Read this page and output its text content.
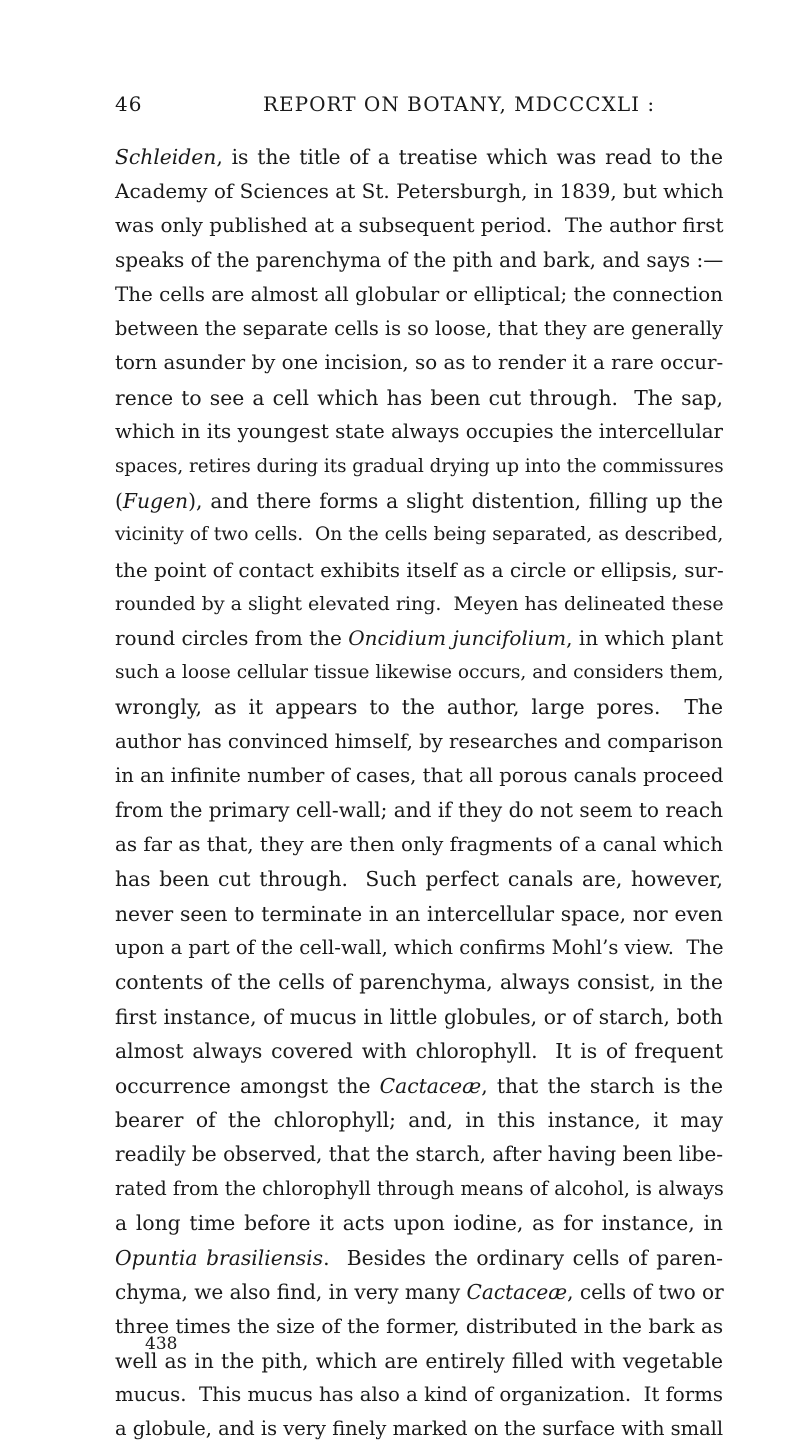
46	REPORT ON BOTANY, MDCCCXLI :
Schleiden, is the title of a treatise which was read to the
Academy of Sciences at St. Petersburgh, in 1839, but which
was only published at a subsequent period.  The author first
speaks of the parenchyma of the pith and bark, and says :—
The cells are almost all globular or elliptical; the connection
between the separate cells is so loose, that they are generally
torn asunder by one incision, so as to render it a rare occur-
rence to see a cell which has been cut through.  The sap,
which in its youngest state always occupies the intercellular
spaces, retires during its gradual drying up into the commissures
(Fugen), and there forms a slight distention, filling up the
vicinity of two cells.  On the cells being separated, as described,
the point of contact exhibits itself as a circle or ellipsis, sur-
rounded by a slight elevated ring.  Meyen has delineated these
round circles from the Oncidium juncifolium, in which plant
such a loose cellular tissue likewise occurs, and considers them,
wrongly, as it appears to the author, large pores.  The
author has convinced himself, by researches and comparison
in an infinite number of cases, that all porous canals proceed
from the primary cell-wall; and if they do not seem to reach
as far as that, they are then only fragments of a canal which
has been cut through.  Such perfect canals are, however,
never seen to terminate in an intercellular space, nor even
upon a part of the cell-wall, which confirms Mohl’s view.  The
contents of the cells of parenchyma, always consist, in the
first instance, of mucus in little globules, or of starch, both
almost always covered with chlorophyll.  It is of frequent
occurrence amongst the Cactaceæ, that the starch is the
bearer of the chlorophyll; and, in this instance, it may
readily be observed, that the starch, after having been libe-
rated from the chlorophyll through means of alcohol, is always
a long time before it acts upon iodine, as for instance, in
Opuntia brasiliensis.  Besides the ordinary cells of paren-
chyma, we also find, in very many Cactaceæ, cells of two or
three times the size of the former, distributed in the bark as
well as in the pith, which are entirely filled with vegetable
mucus.  This mucus has also a kind of organization.  It forms
a globule, and is very finely marked on the surface with small
438
